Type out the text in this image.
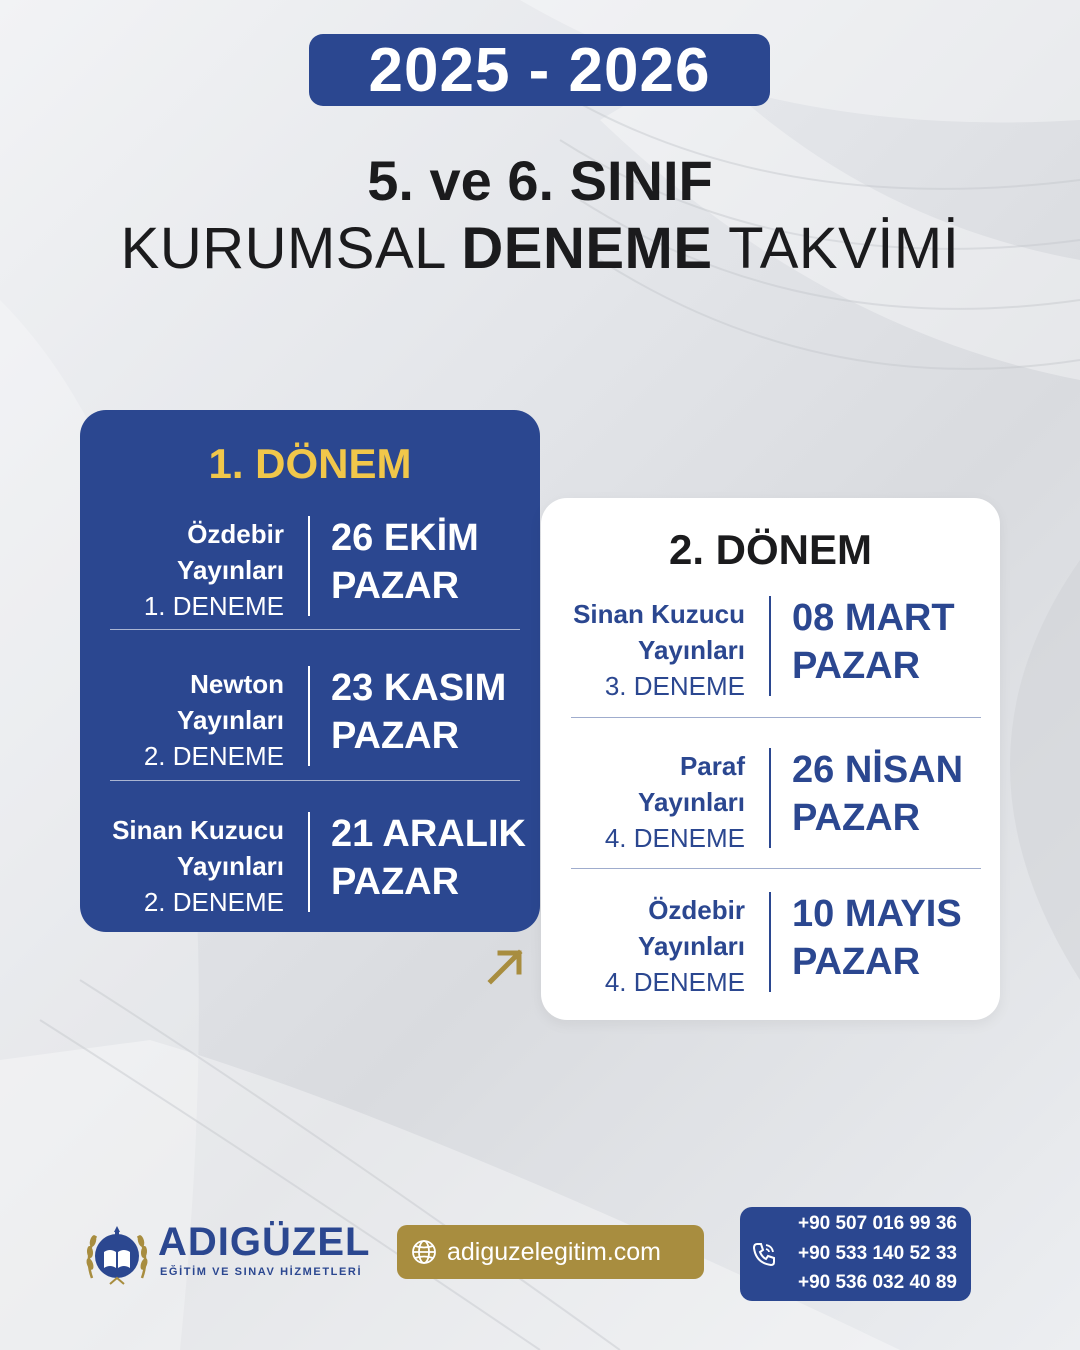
2025 - 2026
5. ve 6. SINIF
KURUMSAL DENEME TAKVİMİ
1. DÖNEM
Özdebir
Yayınları
1. DENEME
26 EKİM
PAZAR
Newton
Yayınları
2. DENEME
23 KASIM
PAZAR
Sinan Kuzucu
Yayınları
2. DENEME
21 ARALIK
PAZAR
2. DÖNEM
Sinan Kuzucu
Yayınları
3. DENEME
08 MART
PAZAR
Paraf
Yayınları
4. DENEME
26 NİSAN
PAZAR
Özdebir
Yayınları
4. DENEME
10 MAYIS
PAZAR
ADIGÜZEL
EĞİTİM VE SINAV HİZMETLERİ
adiguzelegitim.com
+90 507 016 99 36
+90 533 140 52 33
+90 536 032 40 89
